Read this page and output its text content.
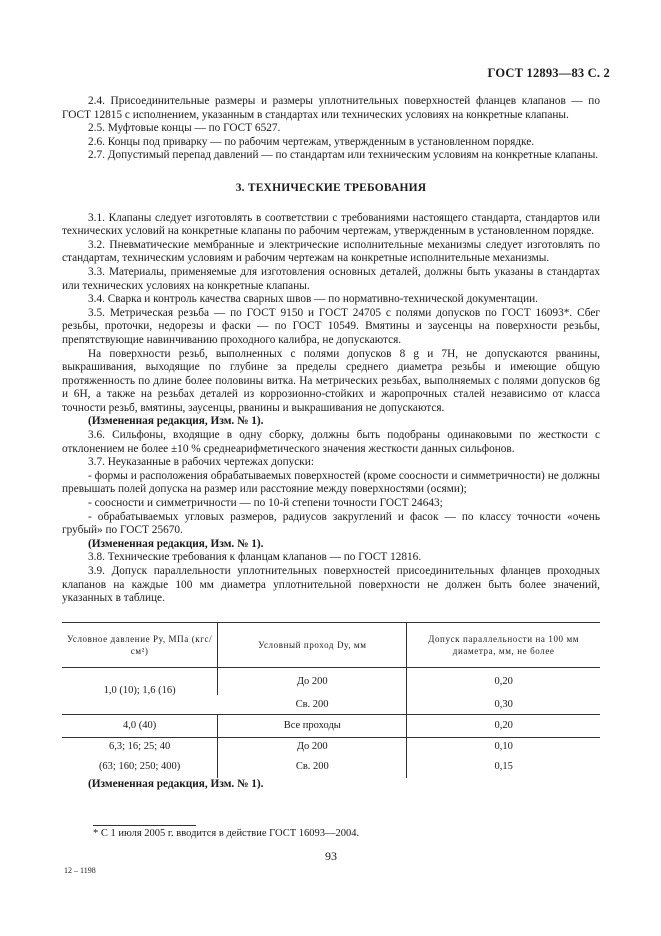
ГОСТ 12893—83 С. 2

2.4. Присоединительные размеры и размеры уплотнительных поверхностей фланцев клапанов — по ГОСТ 12815 с исполнением, указанным в стандартах или технических условиях на конкретные клапаны.

2.5. Муфтовые концы — по ГОСТ 6527.

2.6. Концы под приварку — по рабочим чертежам, утвержденным в установленном порядке.

2.7. Допустимый перепад давлений — по стандартам или техническим условиям на конкретные клапаны.

3. ТЕХНИЧЕСКИЕ ТРЕБОВАНИЯ

3.1. Клапаны следует изготовлять в соответствии с требованиями настоящего стандарта, стандартов или технических условий на конкретные клапаны по рабочим чертежам, утвержденным в установленном порядке.

3.2. Пневматические мембранные и электрические исполнительные механизмы следует изготовлять по стандартам, техническим условиям и рабочим чертежам на конкретные исполнительные механизмы.

3.3. Материалы, применяемые для изготовления основных деталей, должны быть указаны в стандартах или технических условиях на конкретные клапаны.

3.4. Сварка и контроль качества сварных швов — по нормативно-технической документации.

3.5. Метрическая резьба — по ГОСТ 9150 и ГОСТ 24705 с полями допусков по ГОСТ 16093*. Сбег резьбы, проточки, недорезы и фаски — по ГОСТ 10549. Вмятины и заусенцы на поверхности резьбы, препятствующие навинчиванию проходного калибра, не допускаются.

На поверхности резьб, выполненных с полями допусков 8 g и 7Н, не допускаются рванины, выкрашивания, выходящие по глубине за пределы среднего диаметра резьбы и имеющие общую протяженность по длине более половины витка. На метрических резьбах, выполняемых с полями допусков 6g и 6Н, а также на резьбах деталей из коррозионно-стойких и жаропрочных сталей независимо от класса точности резьб, вмятины, заусенцы, рванины и выкрашивания не допускаются.

(Измененная редакция, Изм. № 1).

3.6. Сильфоны, входящие в одну сборку, должны быть подобраны одинаковыми по жесткости с отклонением не более ±10 % среднеарифметического значения жесткости данных сильфонов.

3.7. Неуказанные в рабочих чертежах допуски:

- формы и расположения обрабатываемых поверхностей (кроме соосности и симметричности) не должны превышать полей допуска на размер или расстояние между поверхностями (осями);

- соосности и симметричности — по 10-й степени точности ГОСТ 24643;

- обрабатываемых угловых размеров, радиусов закруглений и фасок — по классу точности «очень грубый» по ГОСТ 25670.

(Измененная редакция, Изм. № 1).

3.8. Технические требования к фланцам клапанов — по ГОСТ 12816.

3.9. Допуск параллельности уплотнительных поверхностей присоединительных фланцев проходных клапанов на каждые 100 мм диаметра уплотнительной поверхности не должен быть более значений, указанных в таблице.

Условное давление Pу, МПа (кгс/см²)	Условный проход Dу, мм	Допуск параллельности на 100 мм диаметра, мм, не более
1,0 (10); 1,6 (16)	До 200	0,20
	Св. 200	0,30
4,0 (40)	Все проходы	0,20
6,3; 16; 25; 40	До 200	0,10
(63; 160; 250; 400)	Св. 200	0,15

(Измененная редакция, Изм. № 1).

* С 1 июля 2005 г. вводится в действие ГОСТ 16093—2004.
93
12 – 1198
